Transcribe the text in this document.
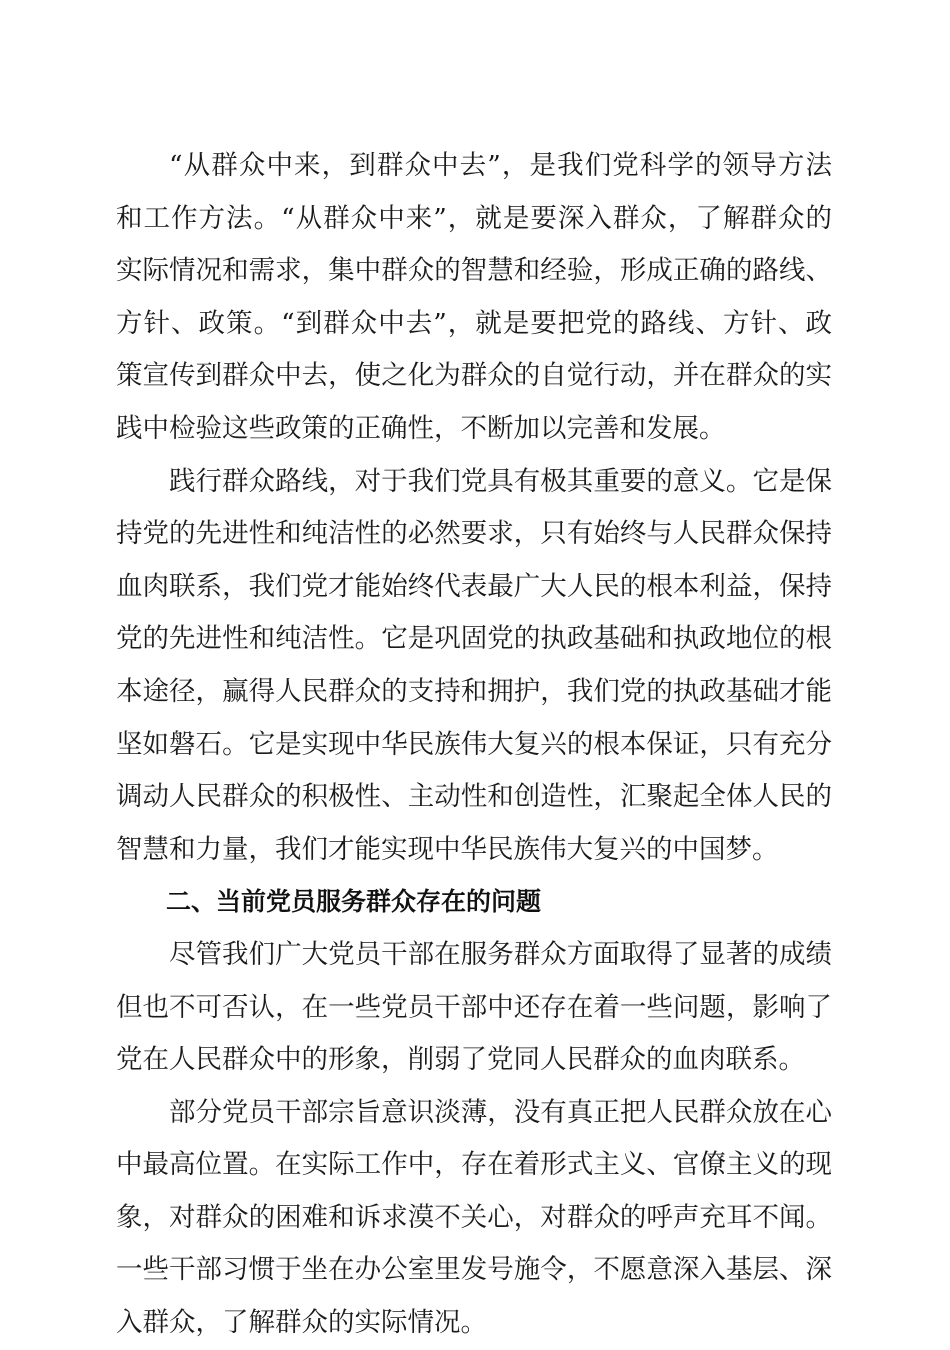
“从群众中来，到群众中去”，是我们党科学的领导方法和工作方法。“从群众中来”，就是要深入群众，了解群众的实际情况和需求，集中群众的智慧和经验，形成正确的路线、方针、政策。“到群众中去”，就是要把党的路线、方针、政策宣传到群众中去，使之化为群众的自觉行动，并在群众的实践中检验这些政策的正确性，不断加以完善和发展。

践行群众路线，对于我们党具有极其重要的意义。它是保持党的先进性和纯洁性的必然要求，只有始终与人民群众保持血肉联系，我们党才能始终代表最广大人民的根本利益，保持党的先进性和纯洁性。它是巩固党的执政基础和执政地位的根本途径，赢得人民群众的支持和拥护，我们党的执政基础才能坚如磐石。它是实现中华民族伟大复兴的根本保证，只有充分调动人民群众的积极性、主动性和创造性，汇聚起全体人民的智慧和力量，我们才能实现中华民族伟大复兴的中国梦。

二、当前党员服务群众存在的问题

尽管我们广大党员干部在服务群众方面取得了显著的成绩但也不可否认，在一些党员干部中还存在着一些问题，影响了党在人民群众中的形象，削弱了党同人民群众的血肉联系。

部分党员干部宗旨意识淡薄，没有真正把人民群众放在心中最高位置。在实际工作中，存在着形式主义、官僚主义的现象，对群众的困难和诉求漠不关心，对群众的呼声充耳不闻。一些干部习惯于坐在办公室里发号施令，不愿意深入基层、深入群众，了解群众的实际情况。
